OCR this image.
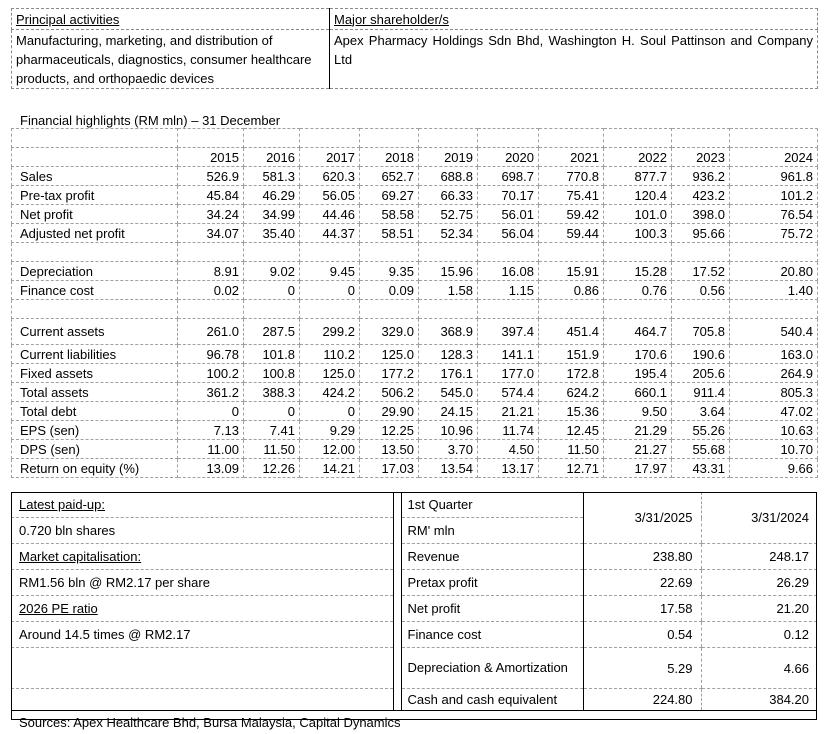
Principal activities	Major shareholder/s
Manufacturing, marketing, and distribution of pharmaceuticals, diagnostics, consumer healthcare products, and orthopaedic devices	Apex Pharmacy Holdings Sdn Bhd, Washington H. Soul Pattinson and Company Ltd
Financial highlights (RM mln) – 31 December

	2015	2016	2017	2018	2019	2020	2021	2022	2023	2024
Sales	526.9	581.3	620.3	652.7	688.8	698.7	770.8	877.7	936.2	961.8
Pre-tax profit	45.84	46.29	56.05	69.27	66.33	70.17	75.41	120.4	423.2	101.2
Net profit	34.24	34.99	44.46	58.58	52.75	56.01	59.42	101.0	398.0	76.54
Adjusted net profit	34.07	35.40	44.37	58.51	52.34	56.04	59.44	100.3	95.66	75.72

Depreciation	8.91	9.02	9.45	9.35	15.96	16.08	15.91	15.28	17.52	20.80
Finance cost	0.02	0	0	0.09	1.58	1.15	0.86	0.76	0.56	1.40

Current assets	261.0	287.5	299.2	329.0	368.9	397.4	451.4	464.7	705.8	540.4
Current liabilities	96.78	101.8	110.2	125.0	128.3	141.1	151.9	170.6	190.6	163.0
Fixed assets	100.2	100.8	125.0	177.2	176.1	177.0	172.8	195.4	205.6	264.9
Total assets	361.2	388.3	424.2	506.2	545.0	574.4	624.2	660.1	911.4	805.3
Total debt	0	0	0	29.90	24.15	21.21	15.36	9.50	3.64	47.02
EPS (sen)	7.13	7.41	9.29	12.25	10.96	11.74	12.45	21.29	55.26	10.63
DPS (sen)	11.00	11.50	12.00	13.50	3.70	4.50	11.50	21.27	55.68	10.70
Return on equity (%)	13.09	12.26	14.21	17.03	13.54	13.17	12.71	17.97	43.31	9.66
Latest paid-up:		1st Quarter	3/31/2025	3/31/2024
0.720 bln shares		RM' mln		
Market capitalisation:		Revenue	238.80	248.17
RM1.56 bln @ RM2.17 per share		Pretax profit	22.69	26.29
2026 PE ratio		Net profit	17.58	21.20
Around 14.5 times @ RM2.17		Finance cost	0.54	0.12
		Depreciation & Amortization	5.29	4.66
		Cash and cash equivalent	224.80	384.20
Sources: Apex Healthcare Bhd, Bursa Malaysia, Capital Dynamics				
